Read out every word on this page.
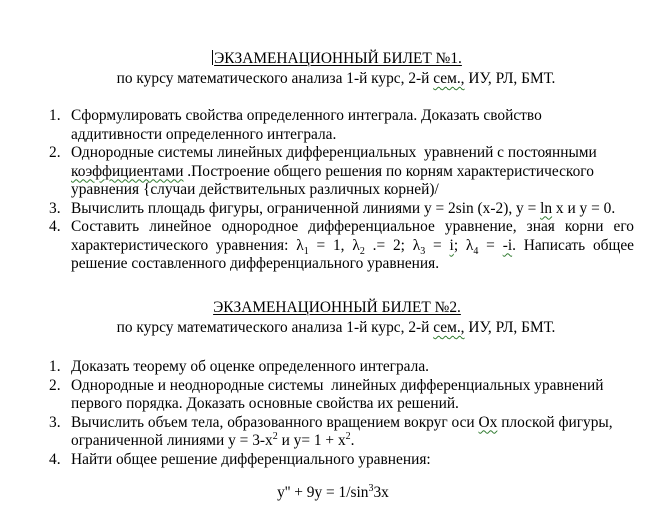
ЭКЗАМЕНАЦИОННЫЙ БИЛЕТ №1.

по курсу математического анализа 1-й курс, 2-й сем., ИУ, РЛ, БМТ.

1. Сформулировать свойства определенного интеграла. Доказать свойство
аддитивности определенного интеграла.
2. Однородные системы линейных дифференциальных  уравнений с постоянными
коэффициентами .Построение общего решения по корням характеристического
уравнения {случаи действительных различных корней)/
3. Вычислить площадь фигуры, ограниченной линиями y = 2sin (x-2), y = ln x и y = 0.
4. Составить линейное однородное дифференциальное уравнение, зная корни его характеристического уравнения: $\lambda_1 = 1$, $\lambda_2$ .= 2; $\lambda_3 = i$; $\lambda_4 = -i$. Написать общее решение составленного дифференциального уравнения.

ЭКЗАМЕНАЦИОННЫЙ БИЛЕТ №2.

по курсу математического анализа 1-й курс, 2-й сем., ИУ, РЛ, БМТ.

1. Доказать теорему об оценке определенного интеграла.
2. Однородные и неоднородные системы  линейных дифференциальных уравнений
первого порядка. Доказать основные свойства их решений.
3. Вычислить объем тела, образованного вращением вокруг оси Ox плоской фигуры,
ограниченной линиями $y = 3-x^2$ и $y= 1 + x^2$.
4. Найти общее решение дифференциального уравнения:
$y'' + 9y = 1/\sin^33x$
